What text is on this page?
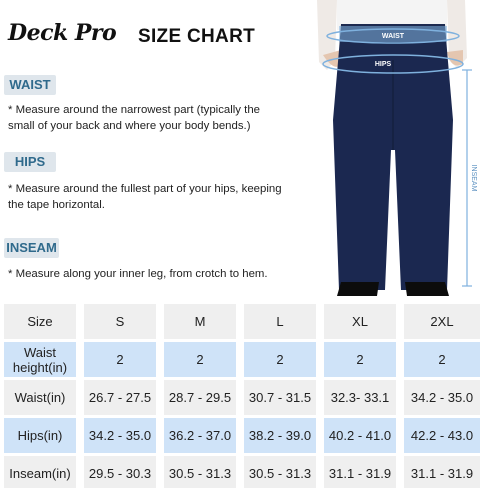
Deck Pro SIZE CHART
WAIST
* Measure around the narrowest part (typically the small of your back and where your body bends.)
HIPS
* Measure around the fullest part of your hips, keeping the tape horizontal.
INSEAM
* Measure along your inner leg, from crotch to hem.
WAIST
HIPS
INSEAM
Size	S	M	L	XL	2XL
Waist height(in)	2	2	2	2	2
Waist(in)	26.7 - 27.5	28.7 - 29.5	30.7 - 31.5	32.3- 33.1	34.2 - 35.0
Hips(in)	34.2 - 35.0	36.2 - 37.0	38.2 - 39.0	40.2 - 41.0	42.2 - 43.0
Inseam(in)	29.5 - 30.3	30.5 - 31.3	30.5 - 31.3	31.1 - 31.9	31.1 - 31.9
